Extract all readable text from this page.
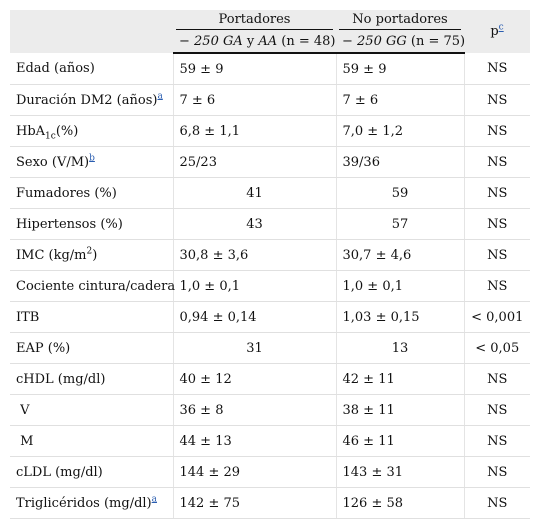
	Portadores	No portadores	p$^c$
	− 250 GA y AA (n = 48)	− 250 GG (n = 75)	
Edad (años)	59 ± 9	59 ± 9	NS
Duración DM2 (años)$^a$	7 ± 6	7 ± 6	NS
HbA$_{1c}$(%)	6,8 ± 1,1	7,0 ± 1,2	NS
Sexo (V/M)$^b$	25/23	39/36	NS
Fumadores (%)	41	59	NS
Hipertensos (%)	43	57	NS
IMC $(kg/m^2)$	30,8 ± 3,6	30,7 ± 4,6	NS
Cociente cintura/cadera	1,0 ± 0,1	1,0 ± 0,1	NS
ITB	0,94 ± 0,14	1,03 ± 0,15	< 0,001
EAP (%)	31	13	< 0,05
cHDL (mg/dl)	40 ± 12	42 ± 11	NS
V	36 ± 8	38 ± 11	NS
M	44 ± 13	46 ± 11	NS
cLDL (mg/dl)	144 ± 29	143 ± 31	NS
Triglicéridos (mg/dl)$^a$	142 ± 75	126 ± 58	NS
